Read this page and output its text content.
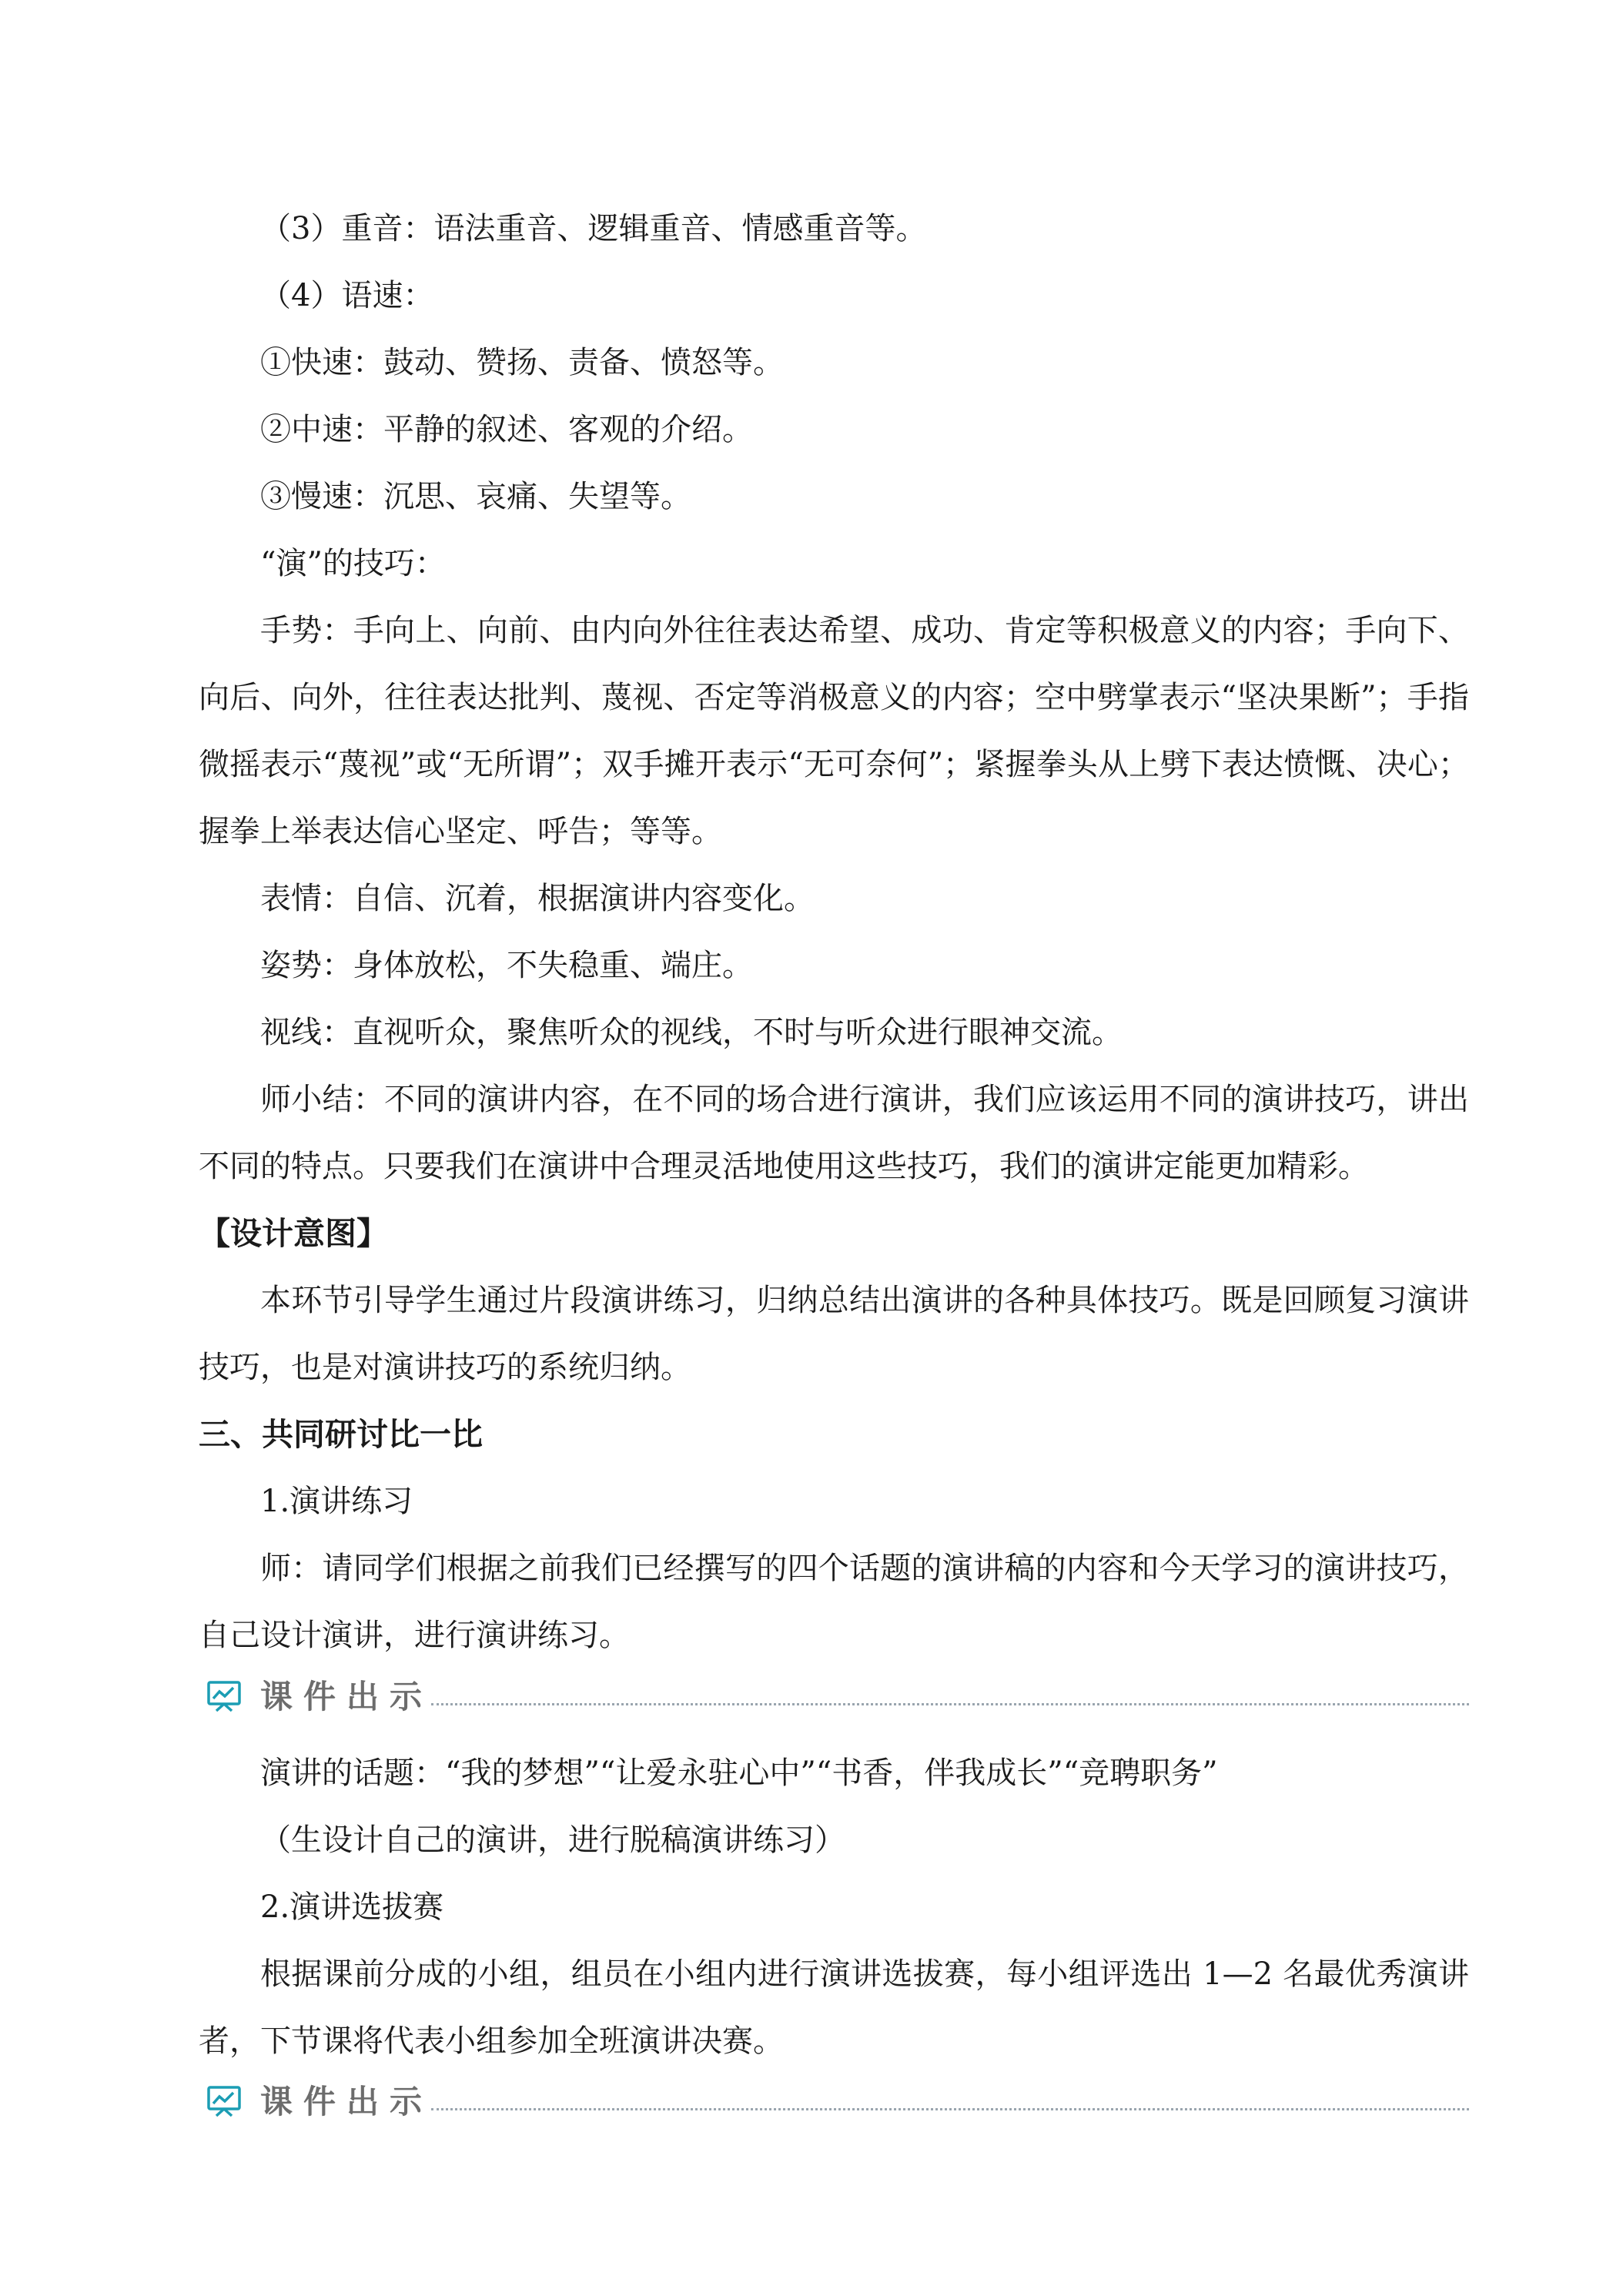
（3）重音：语法重音、逻辑重音、情感重音等。

（4）语速：

①快速：鼓动、赞扬、责备、愤怒等。

②中速：平静的叙述、客观的介绍。

③慢速：沉思、哀痛、失望等。

“演”的技巧：

手势：手向上、向前、由内向外往往表达希望、成功、肯定等积极意义的内容；手向下、向后、向外，往往表达批判、蔑视、否定等消极意义的内容；空中劈掌表示“坚决果断”；手指微摇表示“蔑视”或“无所谓”；双手摊开表示“无可奈何”；紧握拳头从上劈下表达愤慨、决心；握拳上举表达信心坚定、呼告；等等。

表情：自信、沉着，根据演讲内容变化。

姿势：身体放松，不失稳重、端庄。

视线：直视听众，聚焦听众的视线，不时与听众进行眼神交流。

师小结：不同的演讲内容，在不同的场合进行演讲，我们应该运用不同的演讲技巧，讲出不同的特点。只要我们在演讲中合理灵活地使用这些技巧，我们的演讲定能更加精彩。

【设计意图】

本环节引导学生通过片段演讲练习，归纳总结出演讲的各种具体技巧。既是回顾复习演讲技巧，也是对演讲技巧的系统归纳。

三、共同研讨比一比

1.演讲练习

师：请同学们根据之前我们已经撰写的四个话题的演讲稿的内容和今天学习的演讲技巧，自己设计演讲，进行演讲练习。

课件出示

演讲的话题：“我的梦想”“让爱永驻心中”“书香，伴我成长”“竞聘职务”

（生设计自己的演讲，进行脱稿演讲练习）

2.演讲选拔赛

根据课前分成的小组，组员在小组内进行演讲选拔赛，每小组评选出 1—2 名最优秀演讲者，下节课将代表小组参加全班演讲决赛。

课件出示
